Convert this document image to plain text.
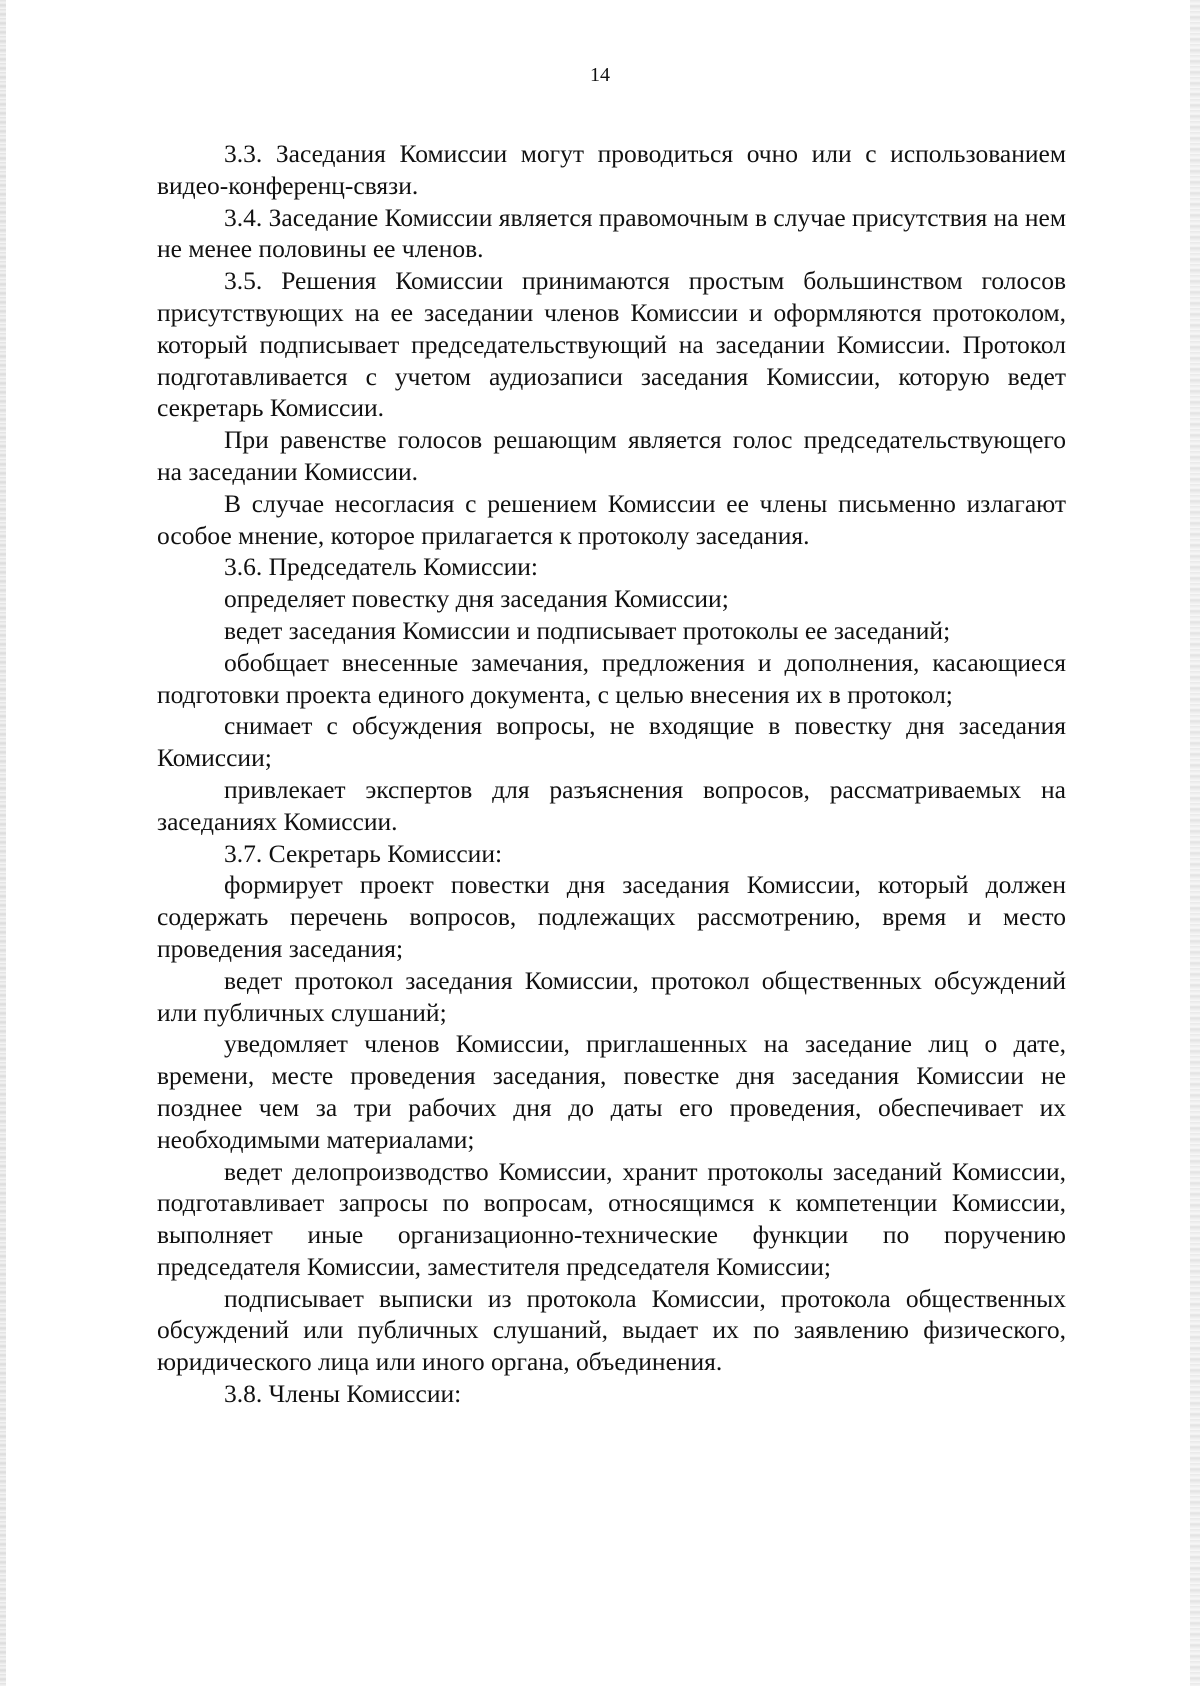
14

3.3. Заседания Комиссии могут проводиться очно или с использованием видео-конференц-связи.

3.4. Заседание Комиссии является правомочным в случае присутствия на нем не менее половины ее членов.

3.5. Решения Комиссии принимаются простым большинством голосов присутствующих на ее заседании членов Комиссии и оформляются протоколом, который подписывает председательствующий на заседании Комиссии. Протокол подготавливается с учетом аудиозаписи заседания Комиссии, которую ведет секретарь Комиссии.

При равенстве голосов решающим является голос председательствующего на заседании Комиссии.

В случае несогласия с решением Комиссии ее члены письменно излагают особое мнение, которое прилагается к протоколу заседания.

3.6. Председатель Комиссии:

определяет повестку дня заседания Комиссии;

ведет заседания Комиссии и подписывает протоколы ее заседаний;

обобщает внесенные замечания, предложения и дополнения, касающиеся подготовки проекта единого документа, с целью внесения их в протокол;

снимает с обсуждения вопросы, не входящие в повестку дня заседания Комиссии;

привлекает экспертов для разъяснения вопросов, рассматриваемых на заседаниях Комиссии.

3.7. Секретарь Комиссии:

формирует проект повестки дня заседания Комиссии, который должен содержать перечень вопросов, подлежащих рассмотрению, время и место проведения заседания;

ведет протокол заседания Комиссии, протокол общественных обсуждений или публичных слушаний;

уведомляет членов Комиссии, приглашенных на заседание лиц о дате, времени, месте проведения заседания, повестке дня заседания Комиссии не позднее чем за три рабочих дня до даты его проведения, обеспечивает их необходимыми материалами;

ведет делопроизводство Комиссии, хранит протоколы заседаний Комиссии, подготавливает запросы по вопросам, относящимся к компетенции Комиссии, выполняет иные организационно-технические функции по поручению председателя Комиссии, заместителя председателя Комиссии;

подписывает выписки из протокола Комиссии, протокола общественных обсуждений или публичных слушаний, выдает их по заявлению физического, юридического лица или иного органа, объединения.

3.8. Члены Комиссии:
